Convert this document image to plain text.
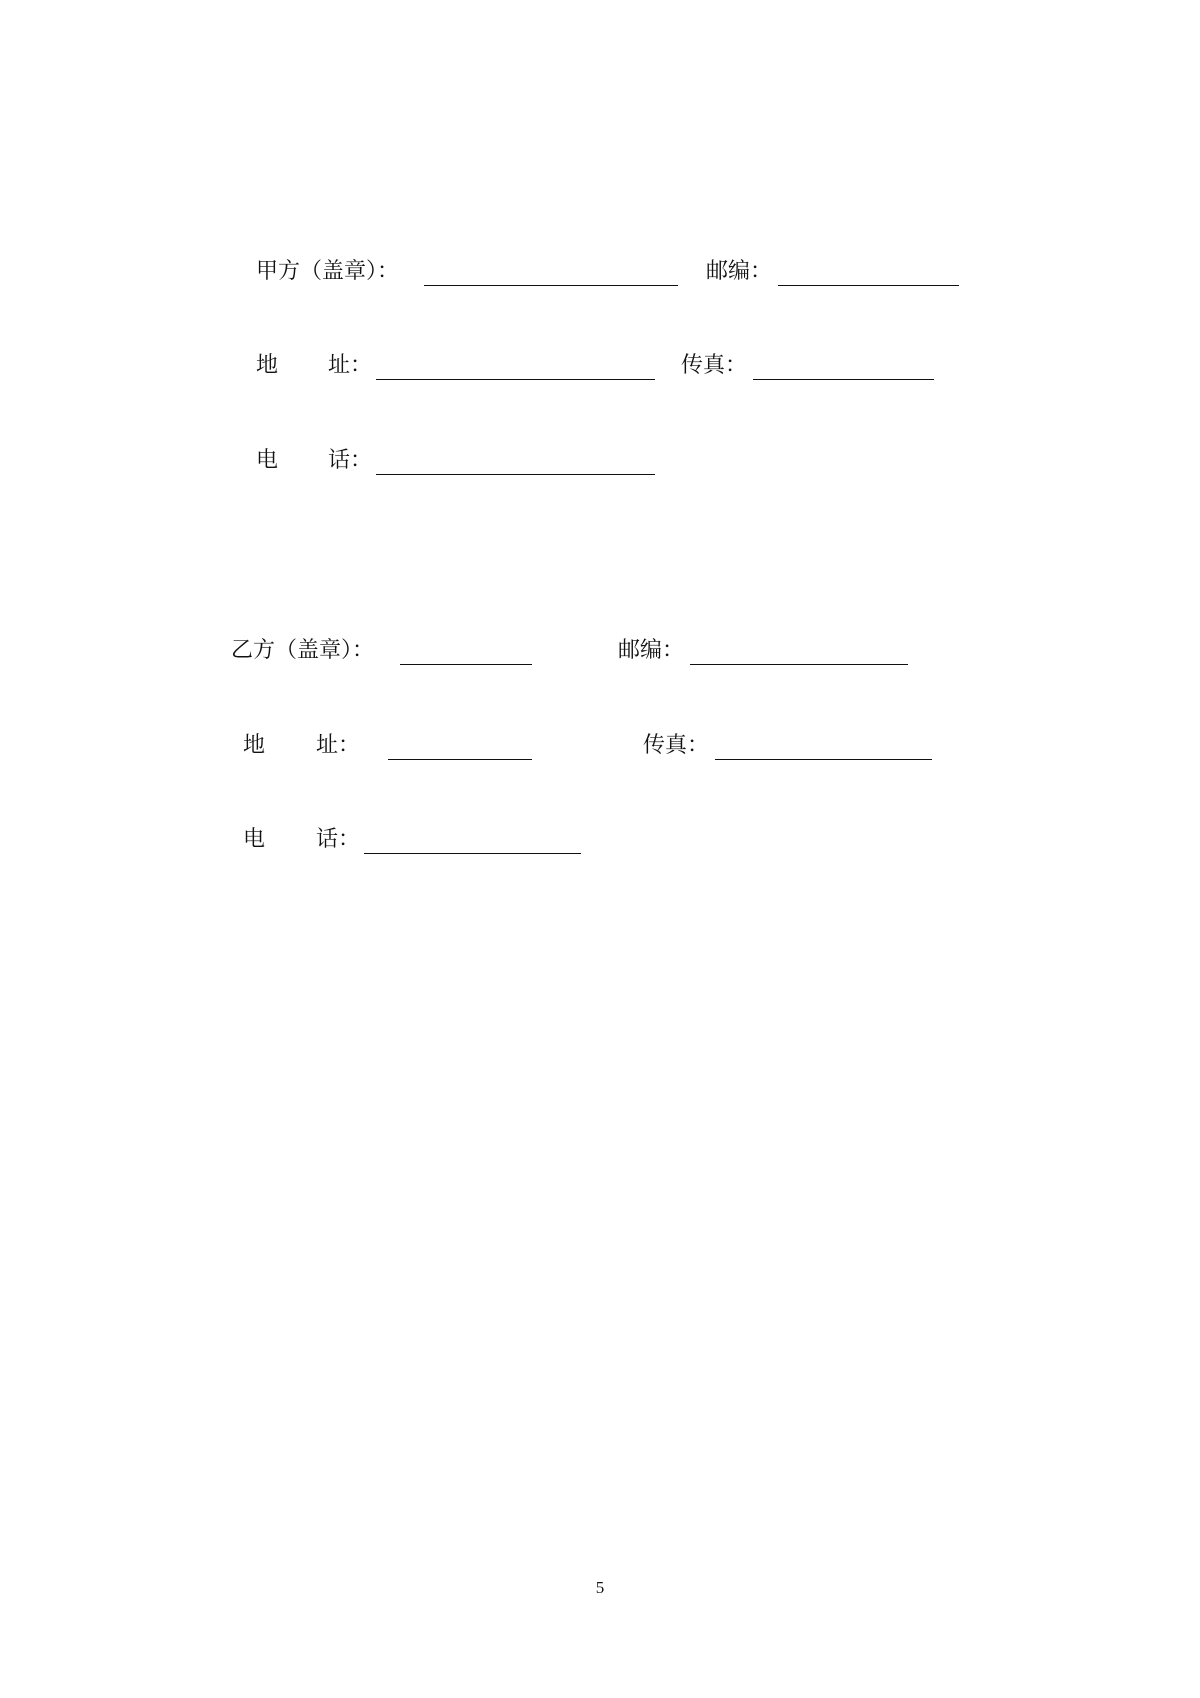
甲方（盖章）：	邮编：
地 址：	传真：
电 话：
乙方（盖章）：	邮编：
地 址：	传真：
电 话：
5
